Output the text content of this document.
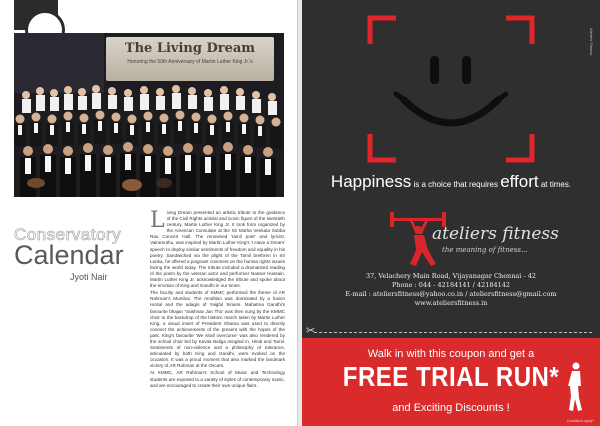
The Living Dream
Honoring the 50th Anniversary of Martin Luther King Jr.'s
Conservatory
Calendar
Jyoti Nair

Living Dream presented an artistic tribute to the guidance of the Civil Rights activist and iconic figure of the twentieth century, Martin Luther King Jr. It took form organized by the American Consulate at the Sri Mutha Venkata Subba Rao Concert Hall. The renowned 'tamil poet' and lyricist, Vairamuthu, was inspired by Martin Luther King's 'I Have a Dream' speech to deploy similar sentiments of freedom and equality in his poetry. Sandwiched via the plight of the Tamil brethren in Sri Lanka, he offered a poignant comment on the human rights issues facing the world today. The tribute included a dramatized reading of the poem by the veteran actor and performer Nasser Hussain. Martin Luther King Jr. acknowledged the tribute and spoke about the emotion of King and Gandhi in our times.

The faculty and students of KMMC performed the theme of AR Rahman's Mumbai. The rendition was dominated by a fusion recital and the adagio of Yaigful Sirians. Mahatma Gandhi's favourite bhajan 'Vaishnav Jan Tho' was then sung by the KMMC choir to the backdrop of the historic march taken by Martin Luther King, a visual insert of President Obama was used to directly connect the achievements of the present with the hopes of the past. King's favourite 'We shall overcome' was also rendered by the school choir led by Kavita Baliga mingled in, Hindi and Tamil. Sentiments of non-violence and a philosophy of tolerance, articulated by both King and Gandhi, were evoked on the occasion. It was a proud moment that also marked the landmark victory of AR Rahman at the Oscars.

At KMMC, AR Rahman's School of Music and Technology students are exposed to a variety of styles of contemporary music, and are encouraged to create their own unique flairs.

Ateliers Fitness
Happiness is a choice that requires effort at times.
ateliers fitness
the meaning of fitness...
37, Velachery Main Road, Vijayanagar Chennai - 42
Phone : 044 - 42184141 / 42184142
E-mail : ateliersfitness@yahoo.co.in / ateliersfitness@gmail.com
www.ateliersfitness.in
✂
Walk in with this coupon and get a
FREE TRIAL RUN*
and Exciting Discounts !
Conditions apply*
